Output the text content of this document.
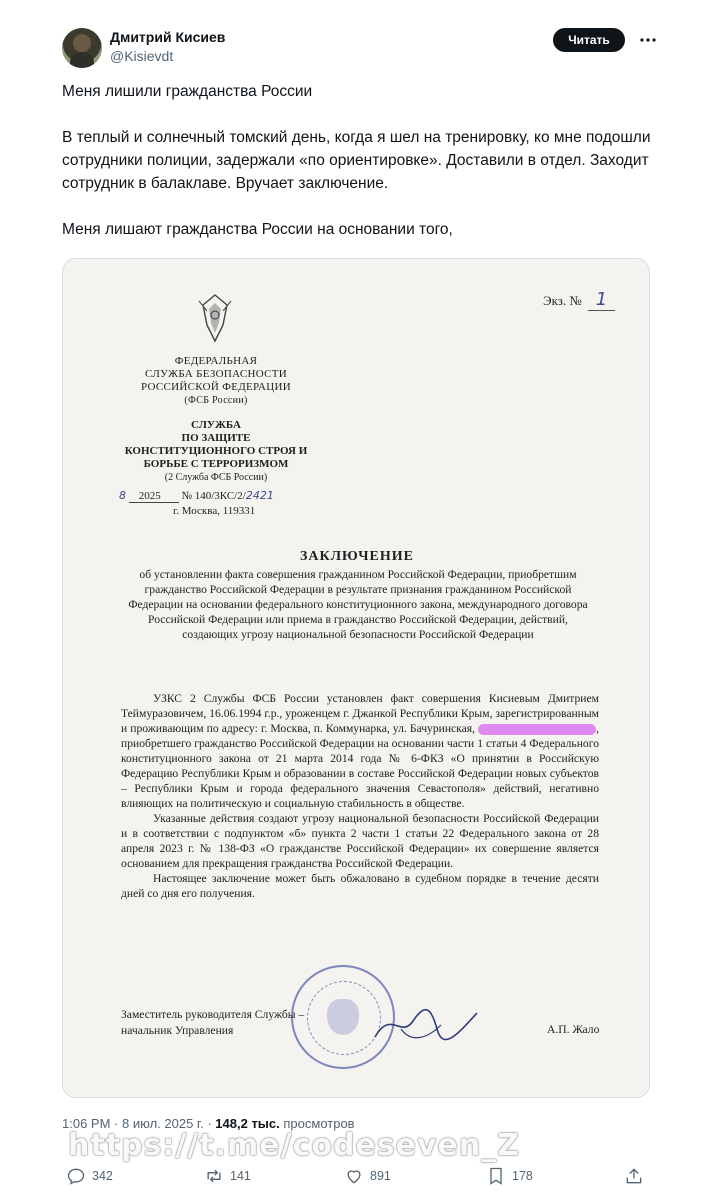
Дмитрий Кисиев
@Kisievdt
Читать

Меня лишили гражданства России

В теплый и солнечный томский день, когда я шел на тренировку, ко мне подошли сотрудники полиции, задержали «по ориентировке». Доставили в отдел. Заходит сотрудник в балаклаве. Вручает заключение.

Меня лишают гражданства России на основании того,

Экз. № 1
ФЕДЕРАЛЬНАЯ
СЛУЖБА БЕЗОПАСНОСТИ
РОССИЙСКОЙ ФЕДЕРАЦИИ
(ФСБ России)
СЛУЖБА
ПО ЗАЩИТЕ
КОНСТИТУЦИОННОГО СТРОЯ И
БОРЬБЕ С ТЕРРОРИЗМОМ
(2 Служба ФСБ России)
8 2025 № 140/3КС/2/2421
г. Москва, 119331
ЗАКЛЮЧЕНИЕ
об установлении факта совершения гражданином Российской Федерации, приобретшим гражданство Российской Федерации в результате признания гражданином Российской Федерации на основании федерального конституционного закона, международного договора Российской Федерации или приема в гражданство Российской Федерации, действий, создающих угрозу национальной безопасности Российской Федерации

УЗКС 2 Службы ФСБ России установлен факт совершения Кисиевым Дмитрием Теймуразовичем, 16.06.1994 г.р., уроженцем г. Джанкой Республики Крым, зарегистрированным и проживающим по адресу: г. Москва, п. Коммунарка, ул. Бачуринская,	, приобретшего гражданство Российской Федерации на основании части 1 статьи 4 Федерального конституционного закона от 21 марта 2014 года № 6-ФКЗ «О принятии в Российскую Федерацию Республики Крым и образовании в составе Российской Федерации новых субъектов – Республики Крым и города федерального значения Севастополя» действий, негативно влияющих на политическую и социальную стабильность в обществе.

Указанные действия создают угрозу национальной безопасности Российской Федерации и в соответствии с подпунктом «б» пункта 2 части 1 статьи 22 Федерального закона от 28 апреля 2023 г. № 138-ФЗ «О гражданстве Российской Федерации» их совершение является основанием для прекращения гражданства Российской Федерации.

Настоящее заключение может быть обжаловано в судебном порядке в течение десяти дней со дня его получения.

Заместитель руководителя Службы –
начальник Управления	А.П. Жало
1:06 PM · 8 июл. 2025 г. · 148,2 тыс. просмотров
https://t.me/codeseven_Z
342	141	891	178
